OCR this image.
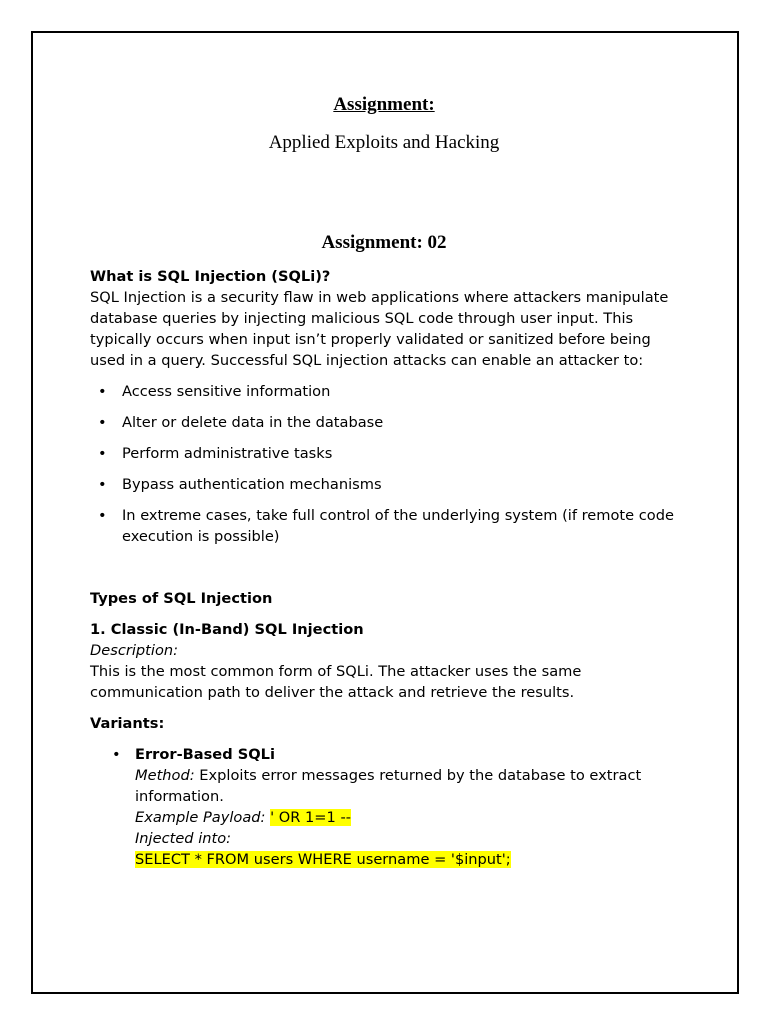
Assignment:
Applied Exploits and Hacking
Assignment: 02

What is SQL Injection (SQLi)?

SQL Injection is a security flaw in web applications where attackers manipulate database queries by injecting malicious SQL code through user input. This typically occurs when input isn’t properly validated or sanitized before being used in a query. Successful SQL injection attacks can enable an attacker to:

• Access sensitive information
• Alter or delete data in the database
• Perform administrative tasks
• Bypass authentication mechanisms
• In extreme cases, take full control of the underlying system (if remote code execution is possible)

Types of SQL Injection

1. Classic (In-Band) SQL Injection

Description:

This is the most common form of SQLi. The attacker uses the same communication path to deliver the attack and retrieve the results.

Variants:

• Error-Based SQLi
Method: Exploits error messages returned by the database to extract information.
Example Payload: ' OR 1=1 --
Injected into:
SELECT * FROM users WHERE username = '$input';
